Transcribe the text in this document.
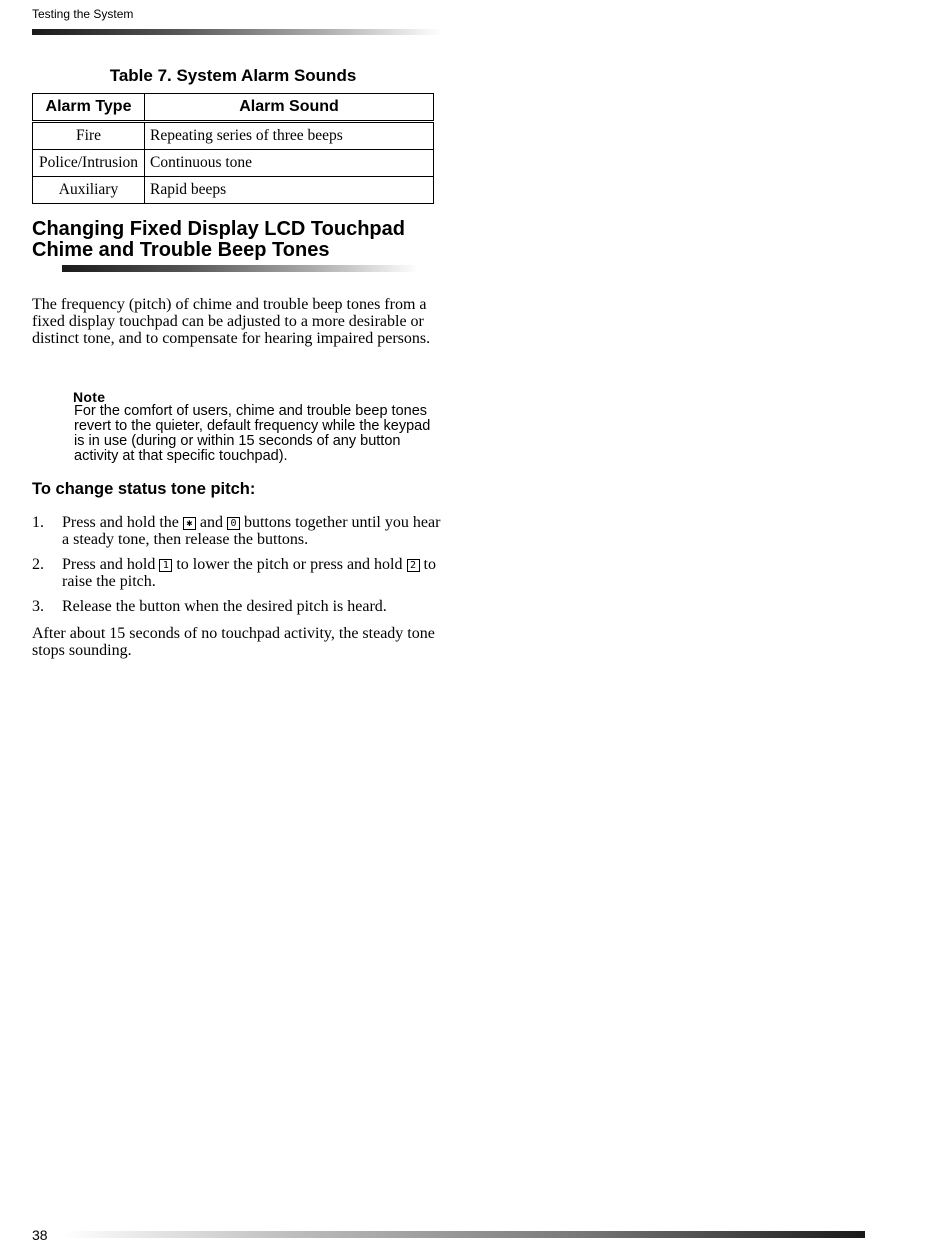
Testing the System
Table 7. System Alarm Sounds
Alarm Type	Alarm Sound
Fire	Repeating series of three beeps
Police/Intrusion	Continuous tone
Auxiliary	Rapid beeps
Changing Fixed Display LCD Touchpad
Chime and Trouble Beep Tones

The frequency (pitch) of chime and trouble beep tones from a fixed display touchpad can be adjusted to a more desirable or distinct tone, and to compensate for hearing impaired persons.

Note

For the comfort of users, chime and trouble beep tones revert to the quieter, default frequency while the keypad is in use (during or within 15 seconds of any button activity at that specific touchpad).

To change status tone pitch:
1. Press and hold the ✱ and 0 buttons together until you hear a steady tone, then release the buttons.
2. Press and hold 1 to lower the pitch or press and hold 2 to raise the pitch.
3. Release the button when the desired pitch is heard.

After about 15 seconds of no touchpad activity, the steady tone stops sounding.

38
